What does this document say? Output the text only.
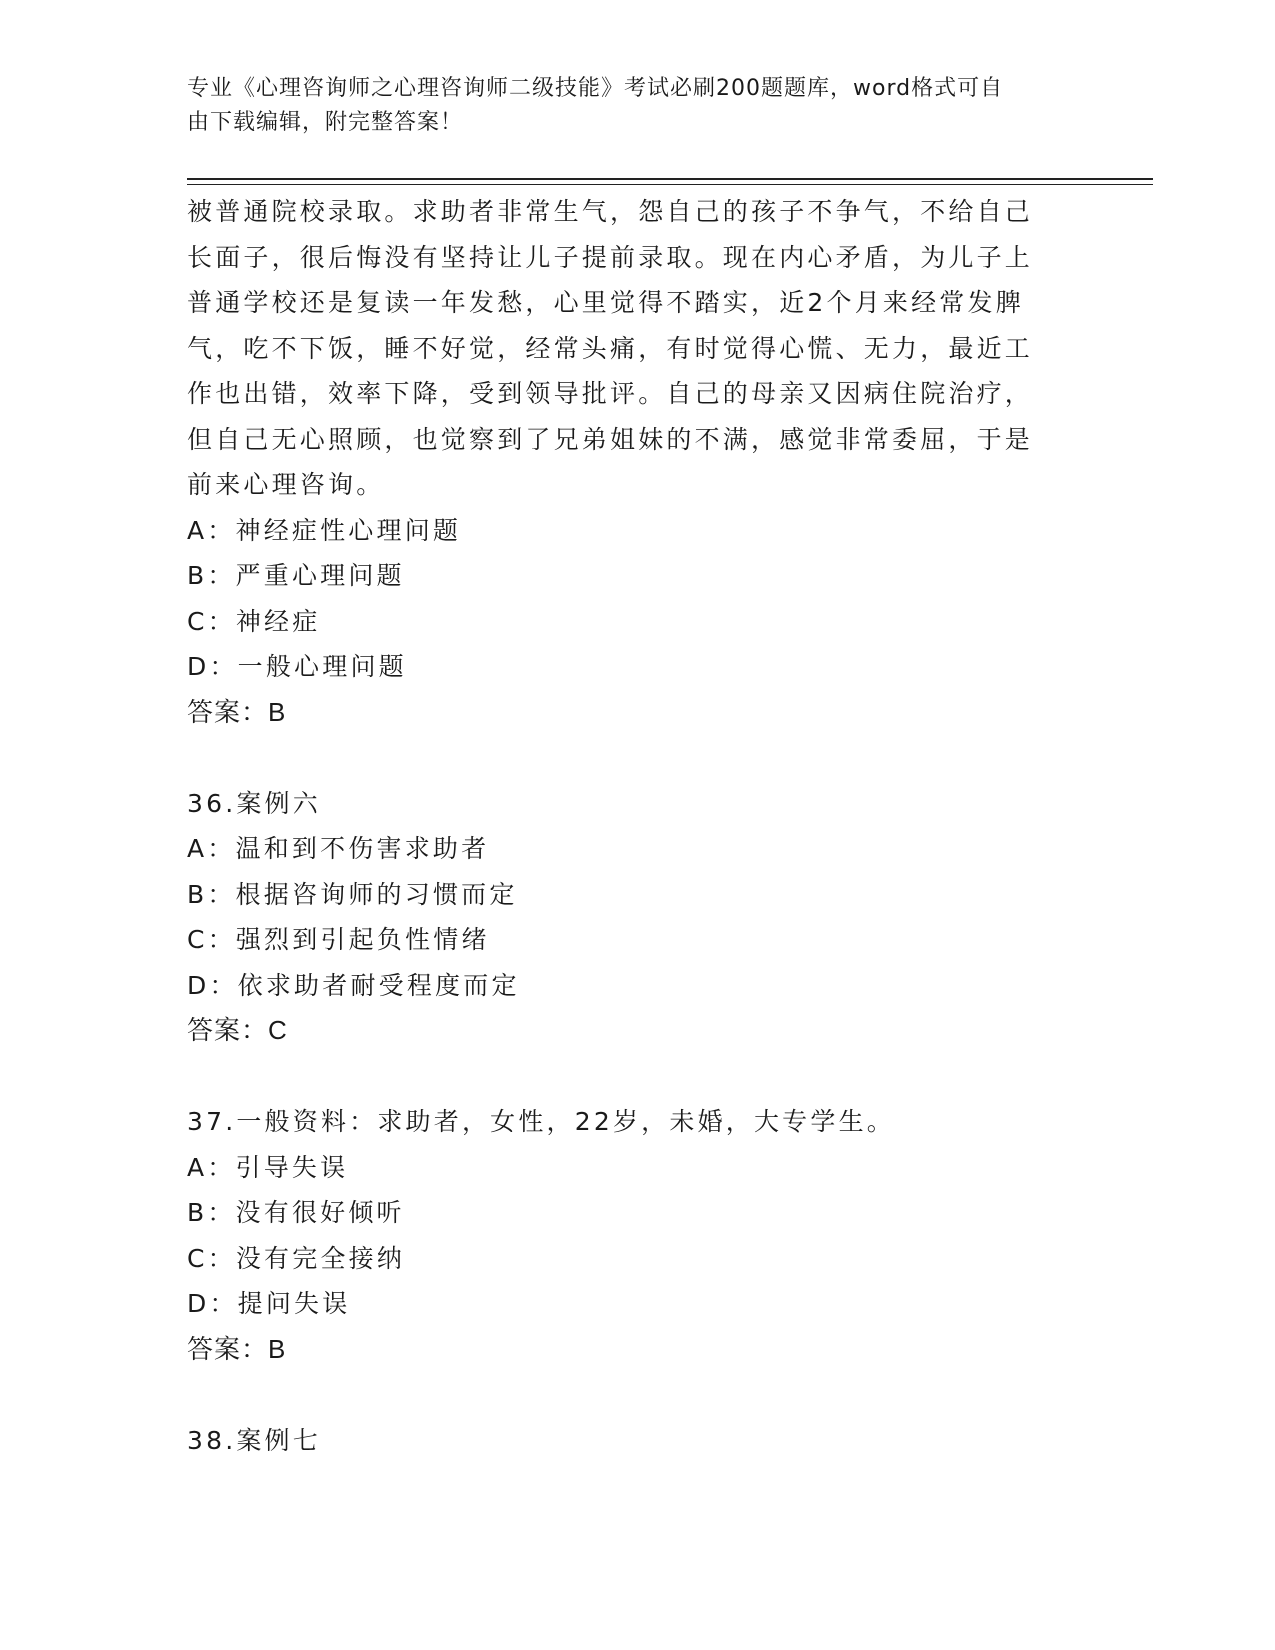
专业《心理咨询师之心理咨询师二级技能》考试必刷200题题库，word格式可自
由下载编辑，附完整答案！
被普通院校录取。求助者非常生气，怨自己的孩子不争气，不给自己
长面子，很后悔没有坚持让儿子提前录取。现在内心矛盾，为儿子上
普通学校还是复读一年发愁，心里觉得不踏实，近2个月来经常发脾
气，吃不下饭，睡不好觉，经常头痛，有时觉得心慌、无力，最近工
作也出错，效率下降，受到领导批评。自己的母亲又因病住院治疗，
但自己无心照顾，也觉察到了兄弟姐妹的不满，感觉非常委屈，于是
前来心理咨询。
A：神经症性心理问题
B：严重心理问题
C：神经症
D：一般心理问题
答案：B
36.案例六
A：温和到不伤害求助者
B：根据咨询师的习惯而定
C：强烈到引起负性情绪
D：依求助者耐受程度而定
答案：C
37.一般资料：求助者，女性，22岁，未婚，大专学生。
A：引导失误
B：没有很好倾听
C：没有完全接纳
D：提问失误
答案：B
38.案例七
